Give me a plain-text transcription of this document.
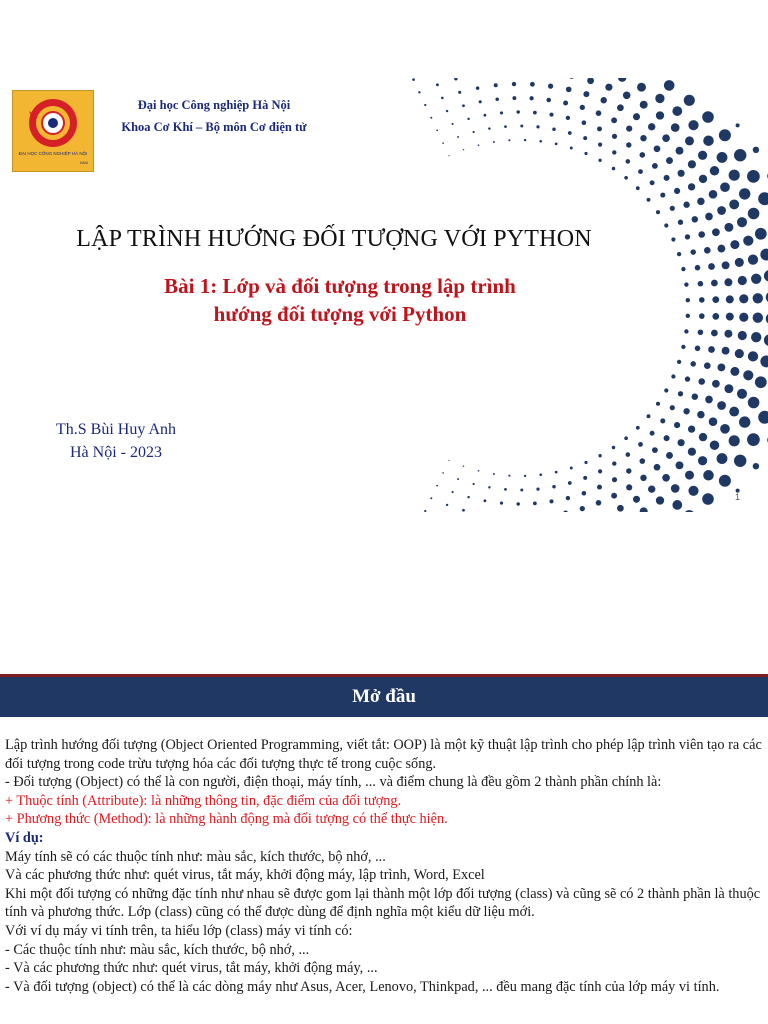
ĐẠI HỌC CÔNG NGHIỆP HÀ NỘI
HAUI
Đại học Công nghiệp Hà Nội
Khoa Cơ Khí – Bộ môn Cơ điện tử
LẬP TRÌNH HƯỚNG ĐỐI TƯỢNG VỚI PYTHON
Bài 1: Lớp và đối tượng trong lập trình
hướng đối tượng với Python
Th.S Bùi Huy Anh
Hà Nội - 2023
1
Mở đầu

Lập trình hướng đối tượng (Object Oriented Programming, viết tắt: OOP) là một kỹ thuật lập trình cho phép lập trình viên tạo ra các đối tượng trong code trừu tượng hóa các đối tượng thực tế trong cuộc sống.

- Đối tượng (Object) có thể là con người, điện thoại, máy tính, ... và điểm chung là đều gồm 2 thành phần chính là:

+ Thuộc tính (Attribute): là những thông tin, đặc điểm của đối tượng.

+ Phương thức (Method): là những hành động mà đối tượng có thể thực hiện.

Ví dụ:

Máy tính sẽ có các thuộc tính như: màu sắc, kích thước, bộ nhớ, ...

Và các phương thức như: quét virus, tắt máy, khởi động máy, lập trình, Word, Excel

Khi một đối tượng có những đặc tính như nhau sẽ được gom lại thành một lớp đối tượng (class) và cũng sẽ có 2 thành phần là thuộc tính và phương thức. Lớp (class) cũng có thể được dùng để định nghĩa một kiểu dữ liệu mới.

Với ví dụ máy vi tính trên, ta hiểu lớp (class) máy vi tính có:

- Các thuộc tính như: màu sắc, kích thước, bộ nhớ, ...

- Và các phương thức như: quét virus, tắt máy, khởi động máy, ...

- Và đối tượng (object) có thể là các dòng máy như Asus, Acer, Lenovo, Thinkpad, ... đều mang đặc tính của lớp máy vi tính.
